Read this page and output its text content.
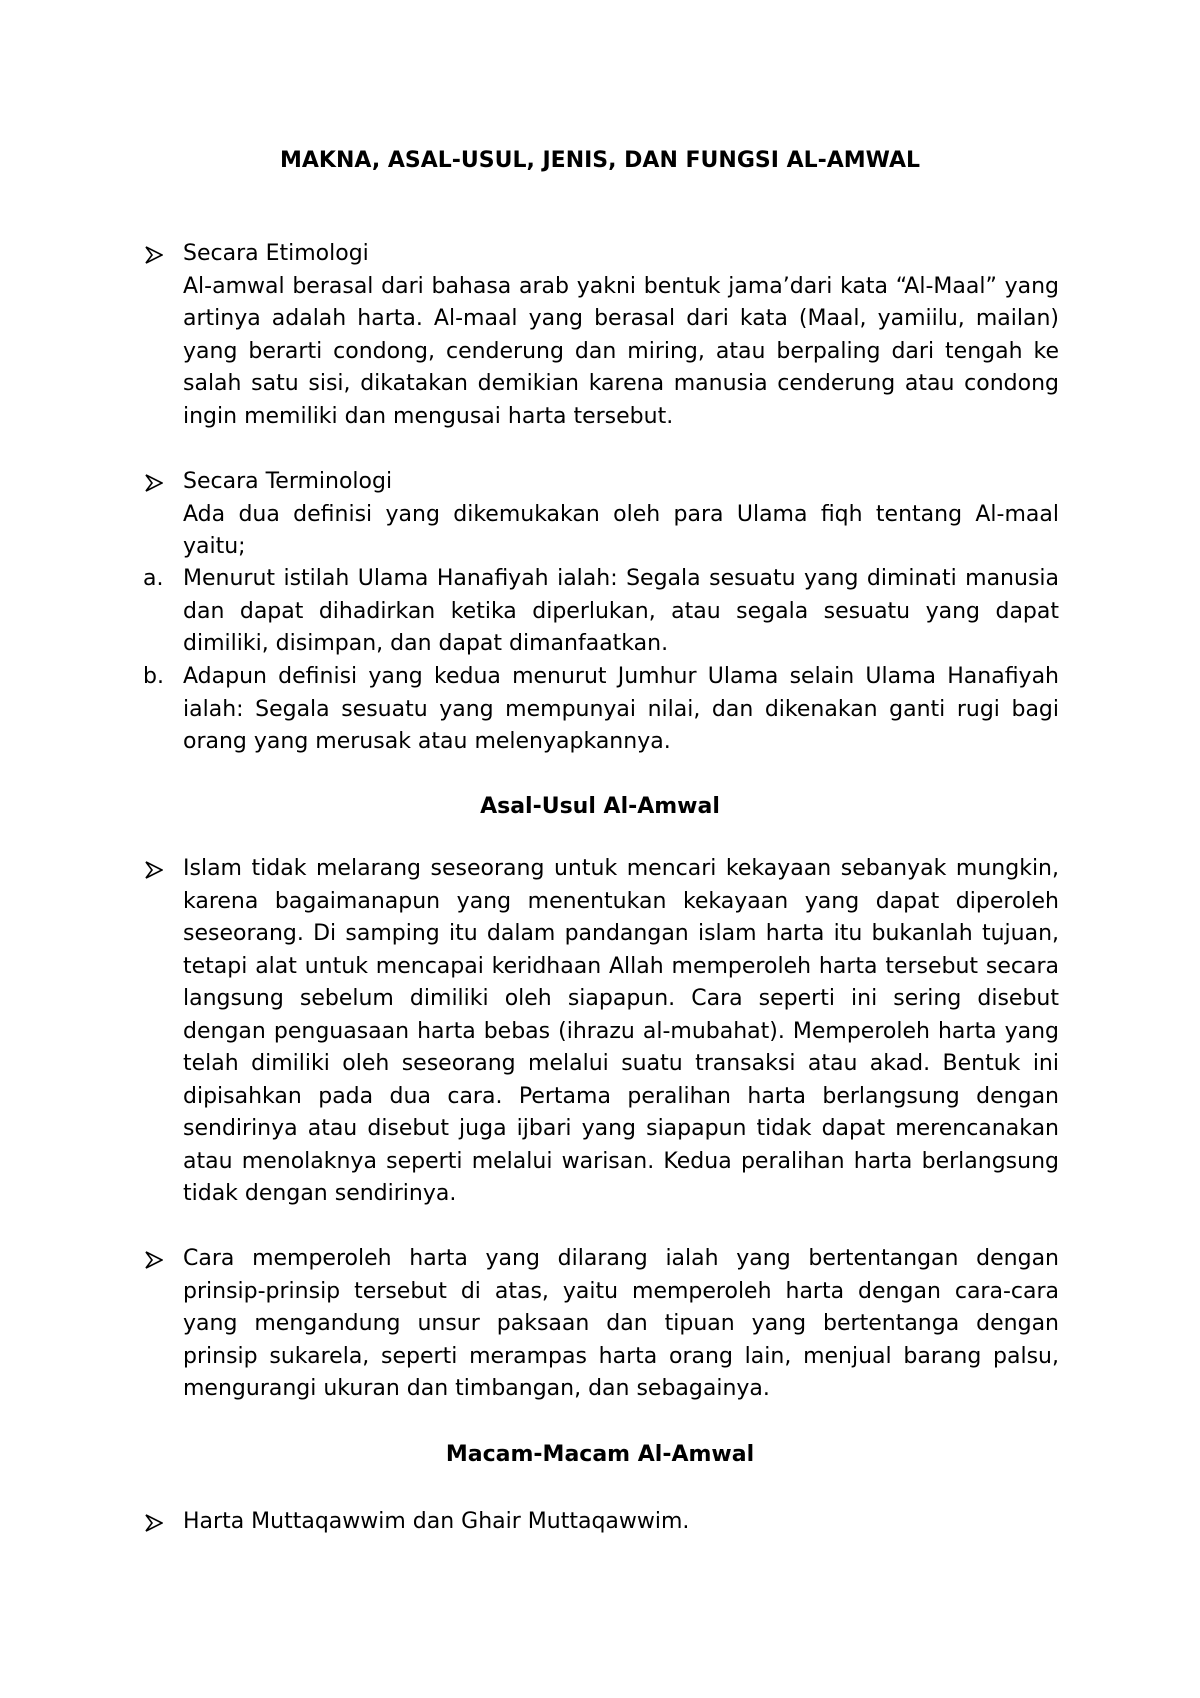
MAKNA, ASAL-USUL, JENIS, DAN FUNGSI AL-AMWAL

Secara Etimologi

Al-amwal berasal dari bahasa arab yakni bentuk jama’dari kata “Al-Maal” yang artinya adalah harta. Al-maal yang berasal dari kata (Maal, yamiilu, mailan) yang berarti condong, cenderung dan miring, atau berpaling dari tengah ke salah satu sisi, dikatakan demikian karena manusia cenderung atau condong ingin memiliki dan mengusai harta tersebut.

Secara Terminologi

Ada dua definisi yang dikemukakan oleh para Ulama fiqh tentang Al-maal yaitu;

a. Menurut istilah Ulama Hanafiyah ialah: Segala sesuatu yang diminati manusia dan dapat dihadirkan ketika diperlukan, atau segala sesuatu yang dapat dimiliki, disimpan, dan dapat dimanfaatkan.

b. Adapun definisi yang kedua menurut Jumhur Ulama selain Ulama Hanafiyah ialah: Segala sesuatu yang mempunyai nilai, dan dikenakan ganti rugi bagi orang yang merusak atau melenyapkannya.

Asal-Usul Al-Amwal

Islam tidak melarang seseorang untuk mencari kekayaan sebanyak mungkin, karena bagaimanapun yang menentukan kekayaan yang dapat diperoleh seseorang. Di samping itu dalam pandangan islam harta itu bukanlah tujuan, tetapi alat untuk mencapai keridhaan Allah memperoleh harta tersebut secara langsung sebelum dimiliki oleh siapapun. Cara seperti ini sering disebut dengan penguasaan harta bebas (ihrazu al-mubahat). Memperoleh harta yang telah dimiliki oleh seseorang melalui suatu transaksi atau akad. Bentuk ini dipisahkan pada dua cara. Pertama peralihan harta berlangsung dengan sendirinya atau disebut juga ijbari yang siapapun tidak dapat merencanakan atau menolaknya seperti melalui warisan. Kedua peralihan harta berlangsung tidak dengan sendirinya.

Cara memperoleh harta yang dilarang ialah yang bertentangan dengan prinsip-prinsip tersebut di atas, yaitu memperoleh harta dengan cara-cara yang mengandung unsur paksaan dan tipuan yang bertentanga dengan prinsip sukarela, seperti merampas harta orang lain, menjual barang palsu, mengurangi ukuran dan timbangan, dan sebagainya.

Macam-Macam Al-Amwal

Harta Muttaqawwim dan Ghair Muttaqawwim.
